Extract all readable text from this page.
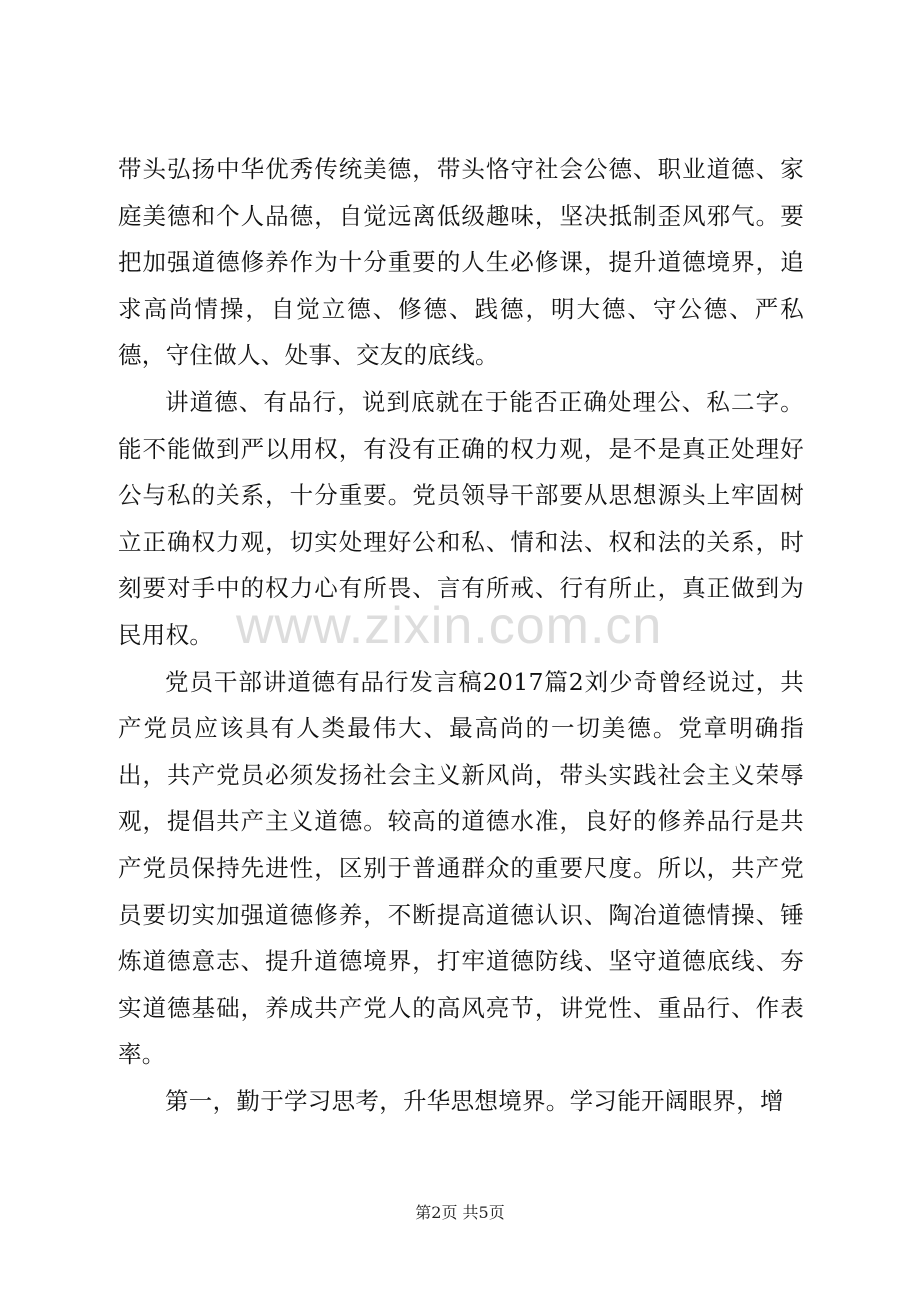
www.zixin.com.cn

带头弘扬中华优秀传统美德，带头恪守社会公德、职业道德、家庭美德和个人品德，自觉远离低级趣味，坚决抵制歪风邪气。要把加强道德修养作为十分重要的人生必修课，提升道德境界，追求高尚情操，自觉立德、修德、践德，明大德、守公德、严私德，守住做人、处事、交友的底线。

讲道德、有品行，说到底就在于能否正确处理公、私二字。能不能做到严以用权，有没有正确的权力观，是不是真正处理好公与私的关系，十分重要。党员领导干部要从思想源头上牢固树立正确权力观，切实处理好公和私、情和法、权和法的关系，时刻要对手中的权力心有所畏、言有所戒、行有所止，真正做到为民用权。

党员干部讲道德有品行发言稿2017篇2刘少奇曾经说过，共产党员应该具有人类最伟大、最高尚的一切美德。党章明确指出，共产党员必须发扬社会主义新风尚，带头实践社会主义荣辱观，提倡共产主义道德。较高的道德水准，良好的修养品行是共产党员保持先进性，区别于普通群众的重要尺度。所以，共产党员要切实加强道德修养，不断提高道德认识、陶冶道德情操、锤炼道德意志、提升道德境界，打牢道德防线、坚守道德底线、夯实道德基础，养成共产党人的高风亮节，讲党性、重品行、作表率。

第一，勤于学习思考，升华思想境界。学习能开阔眼界，增

第2页 共5页
